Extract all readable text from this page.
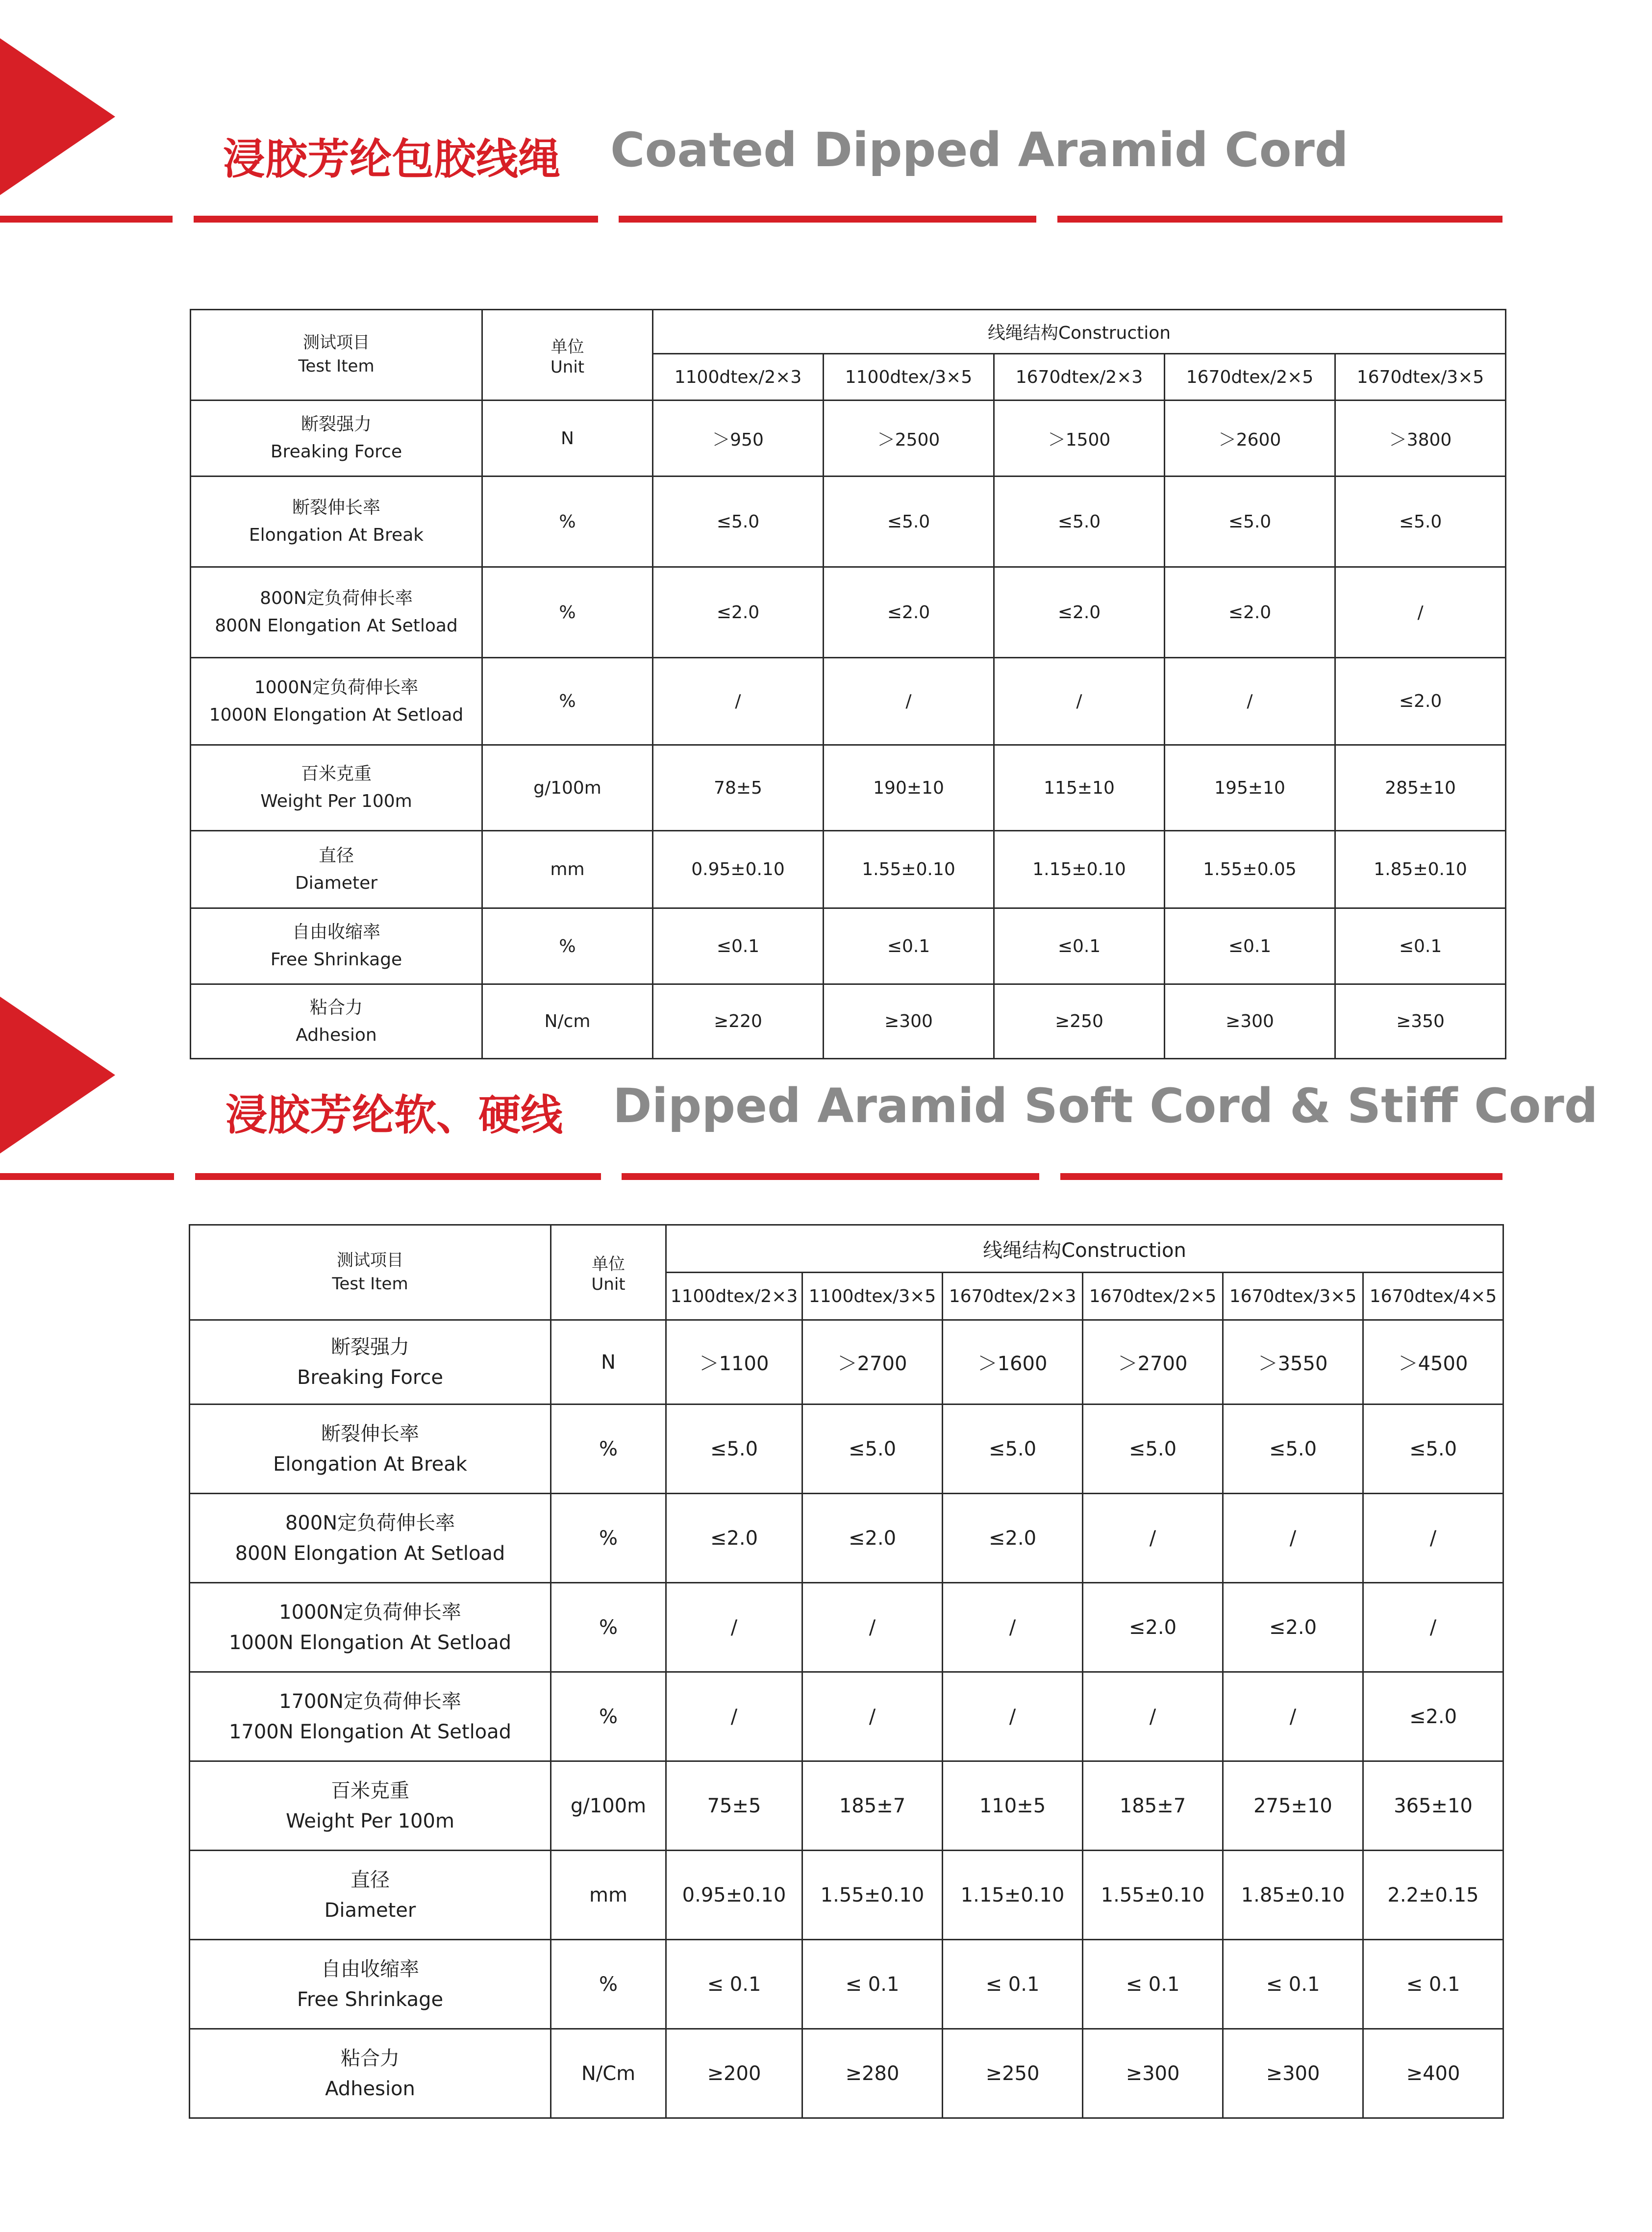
浸胶芳纶包胶线绳 Coated Dipped Aramid Cord
测试项目
Test Item	单位
Unit	线绳结构Construction				
		1100dtex/2×3	1100dtex/3×5	1670dtex/2×3	1670dtex/2×5	1670dtex/3×5

断裂强力
Breaking Force	N	＞950	＞2500	＞1500	＞2600	＞3800

断裂伸长率
Elongation At Break	%	≤5.0	≤5.0	≤5.0	≤5.0	≤5.0

800N定负荷伸长率
800N Elongation At Setload	%	≤2.0	≤2.0	≤2.0	≤2.0	/

1000N定负荷伸长率
1000N Elongation At Setload	%	/	/	/	/	≤2.0

百米克重
Weight Per 100m	g/100m	78±5	190±10	115±10	195±10	285±10

直径
Diameter	mm	0.95±0.10	1.55±0.10	1.15±0.10	1.55±0.05	1.85±0.10

自由收缩率
Free Shrinkage	%	≤0.1	≤0.1	≤0.1	≤0.1	≤0.1

粘合力
Adhesion	N/cm	≥220	≥300	≥250	≥300	≥350
浸胶芳纶软、硬线 Dipped Aramid Soft Cord & Stiff Cord
测试项目
Test Item	单位
Unit	线绳结构Construction					
		1100dtex/2×3	1100dtex/3×5	1670dtex/2×3	1670dtex/2×5	1670dtex/3×5	1670dtex/4×5

断裂强力
Breaking Force	N	＞1100	＞2700	＞1600	＞2700	＞3550	＞4500

断裂伸长率
Elongation At Break	%	≤5.0	≤5.0	≤5.0	≤5.0	≤5.0	≤5.0

800N定负荷伸长率
800N Elongation At Setload	%	≤2.0	≤2.0	≤2.0	/	/	/

1000N定负荷伸长率
1000N Elongation At Setload	%	/	/	/	≤2.0	≤2.0	/

1700N定负荷伸长率
1700N Elongation At Setload	%	/	/	/	/	/	≤2.0

百米克重
Weight Per 100m	g/100m	75±5	185±7	110±5	185±7	275±10	365±10

直径
Diameter	mm	0.95±0.10	1.55±0.10	1.15±0.10	1.55±0.10	1.85±0.10	2.2±0.15

自由收缩率
Free Shrinkage	%	≤ 0.1	≤ 0.1	≤ 0.1	≤ 0.1	≤ 0.1	≤ 0.1

粘合力
Adhesion	N/Cm	≥200	≥280	≥250	≥300	≥300	≥400
